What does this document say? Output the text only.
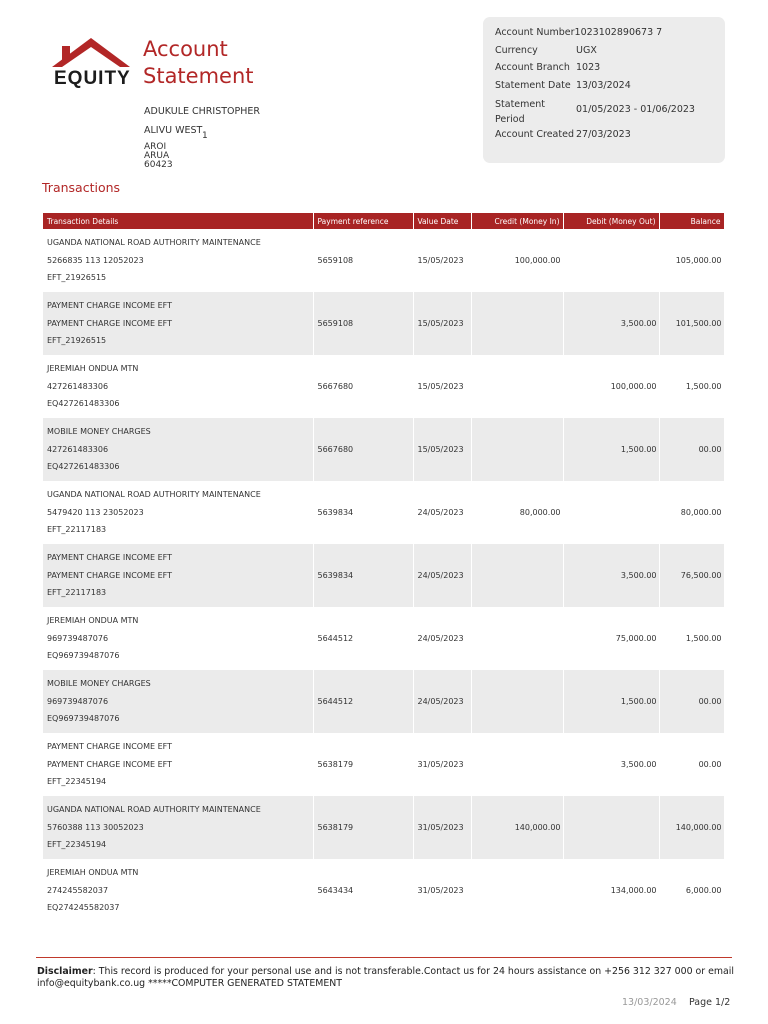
EQUITY
Account
Statement
ADUKULE CHRISTOPHER
ALIVU WEST 1
AROI
ARUA
60423
Account Number1023102890673 7
Currency	UGX
Account Branch 1023
Statement Date 13/03/2024
Statement
Period01/05/2023 - 01/06/2023
Account Created 27/03/2023
Transactions
Transaction Details	Payment reference	Value Date	Credit (Money In)	Debit (Money Out)	Balance

UGANDA NATIONAL ROAD AUTHORITY MAINTENANCE
5266835 113 12052023
EFT_21926515	5659108	15/05/2023	100,000.00		105,000.00

PAYMENT CHARGE INCOME EFT
PAYMENT CHARGE INCOME EFT
EFT_21926515	5659108	15/05/2023		3,500.00	101,500.00

JEREMIAH ONDUA MTN
427261483306
EQ427261483306	5667680	15/05/2023		100,000.00	1,500.00

MOBILE MONEY CHARGES
427261483306
EQ427261483306	5667680	15/05/2023		1,500.00	00.00

UGANDA NATIONAL ROAD AUTHORITY MAINTENANCE
5479420 113 23052023
EFT_22117183	5639834	24/05/2023	80,000.00		80,000.00

PAYMENT CHARGE INCOME EFT
PAYMENT CHARGE INCOME EFT
EFT_22117183	5639834	24/05/2023		3,500.00	76,500.00

JEREMIAH ONDUA MTN
969739487076
EQ969739487076	5644512	24/05/2023		75,000.00	1,500.00

MOBILE MONEY CHARGES
969739487076
EQ969739487076	5644512	24/05/2023		1,500.00	00.00

PAYMENT CHARGE INCOME EFT
PAYMENT CHARGE INCOME EFT
EFT_22345194	5638179	31/05/2023		3,500.00	00.00

UGANDA NATIONAL ROAD AUTHORITY MAINTENANCE
5760388 113 30052023
EFT_22345194	5638179	31/05/2023	140,000.00		140,000.00

JEREMIAH ONDUA MTN
274245582037
EQ274245582037	5643434	31/05/2023		134,000.00	6,000.00
Disclaimer: This record is produced for your personal use and is not transferable.Contact us for 24 hours assistance on +256 312 327 000 or email info@equitybank.co.ug *****COMPUTER GENERATED STATEMENT
13/03/2024 Page 1/2
